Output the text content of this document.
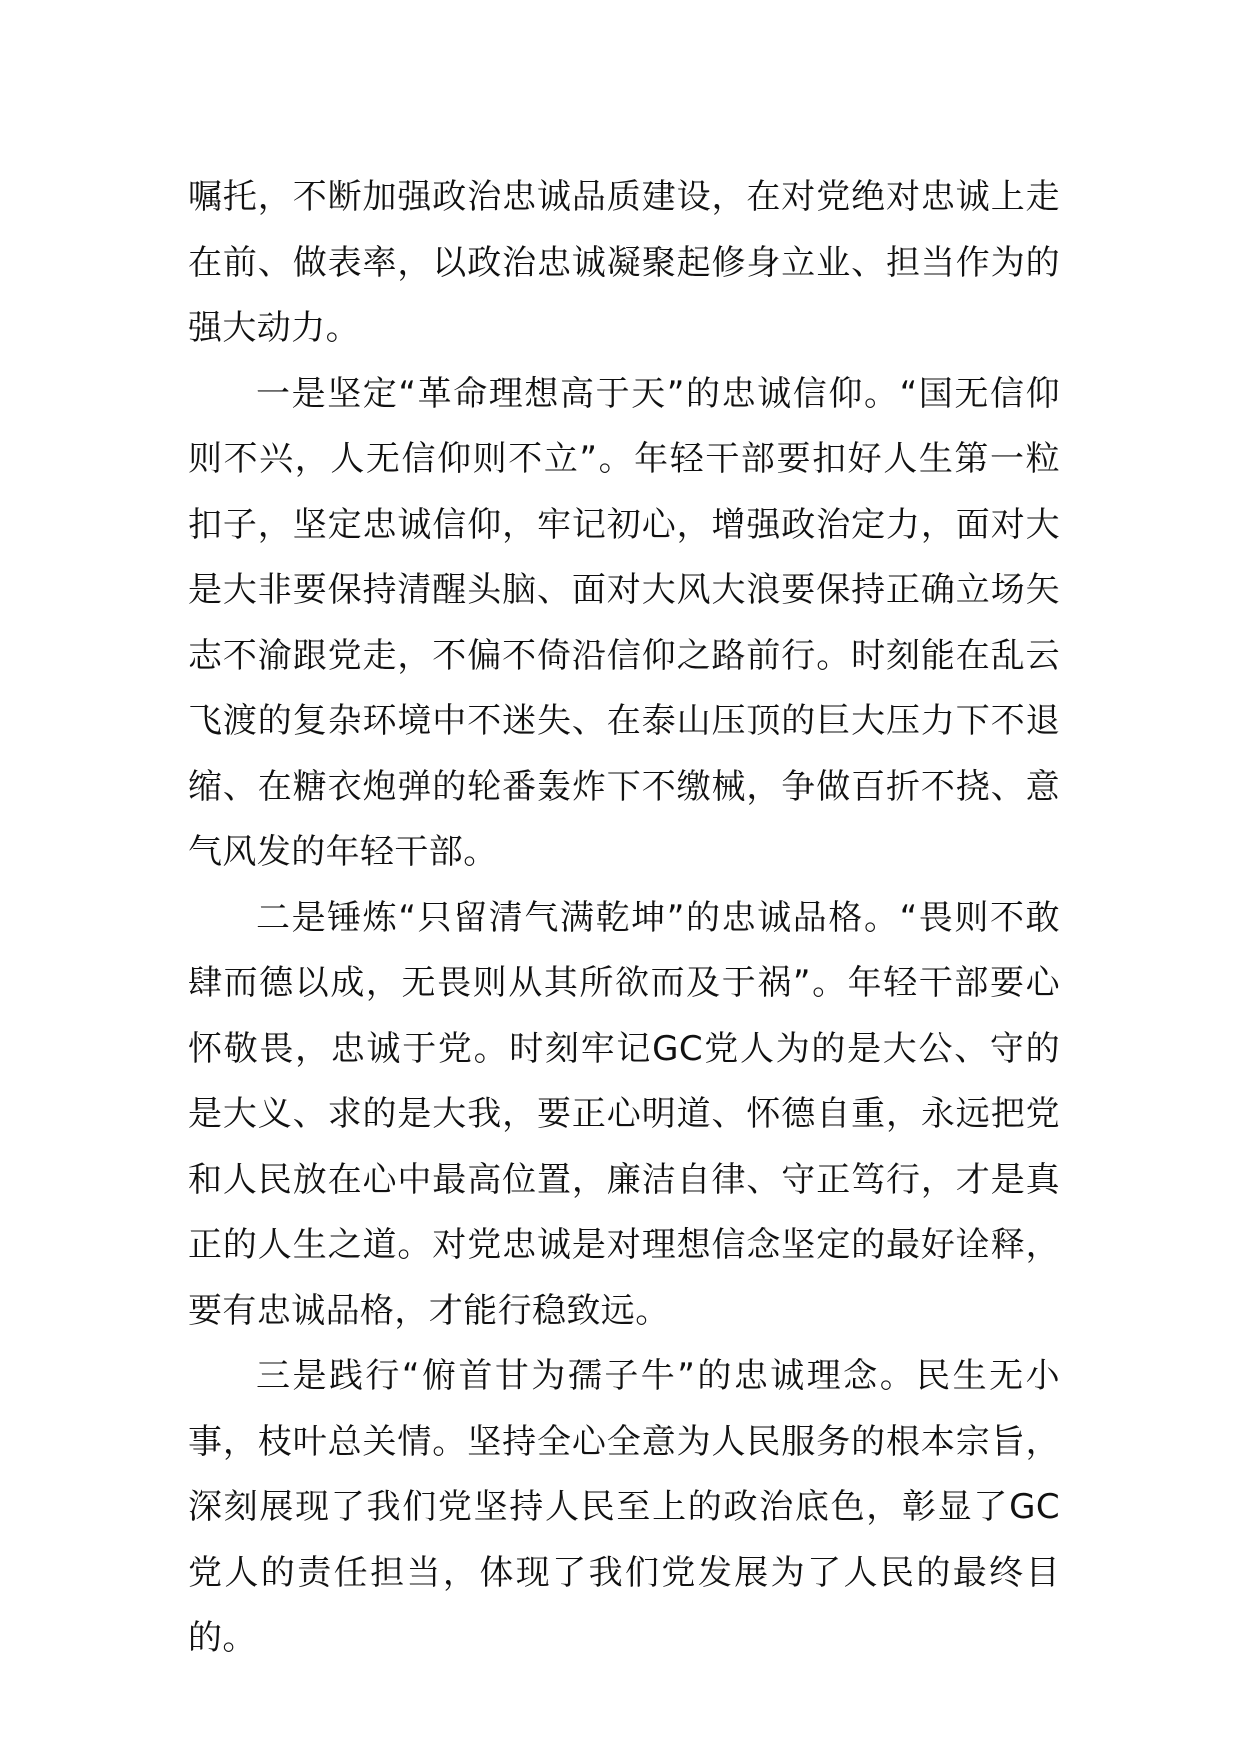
嘱托，不断加强政治忠诚品质建设，在对党绝对忠诚上走在前、做表率，以政治忠诚凝聚起修身立业、担当作为的强大动力。

一是坚定“革命理想高于天”的忠诚信仰。“国无信仰则不兴，人无信仰则不立”。年轻干部要扣好人生第一粒扣子，坚定忠诚信仰，牢记初心，增强政治定力，面对大是大非要保持清醒头脑、面对大风大浪要保持正确立场矢志不渝跟党走，不偏不倚沿信仰之路前行。时刻能在乱云飞渡的复杂环境中不迷失、在泰山压顶的巨大压力下不退缩、在糖衣炮弹的轮番轰炸下不缴械，争做百折不挠、意气风发的年轻干部。

二是锤炼“只留清气满乾坤”的忠诚品格。“畏则不敢肆而德以成，无畏则从其所欲而及于祸”。年轻干部要心怀敬畏，忠诚于党。时刻牢记GC党人为的是大公、守的是大义、求的是大我，要正心明道、怀德自重，永远把党和人民放在心中最高位置，廉洁自律、守正笃行，才是真正的人生之道。对党忠诚是对理想信念坚定的最好诠释，要有忠诚品格，才能行稳致远。

三是践行“俯首甘为孺子牛”的忠诚理念。民生无小事，枝叶总关情。坚持全心全意为人民服务的根本宗旨，深刻展现了我们党坚持人民至上的政治底色，彰显了GC党人的责任担当，体现了我们党发展为了人民的最终目的。
